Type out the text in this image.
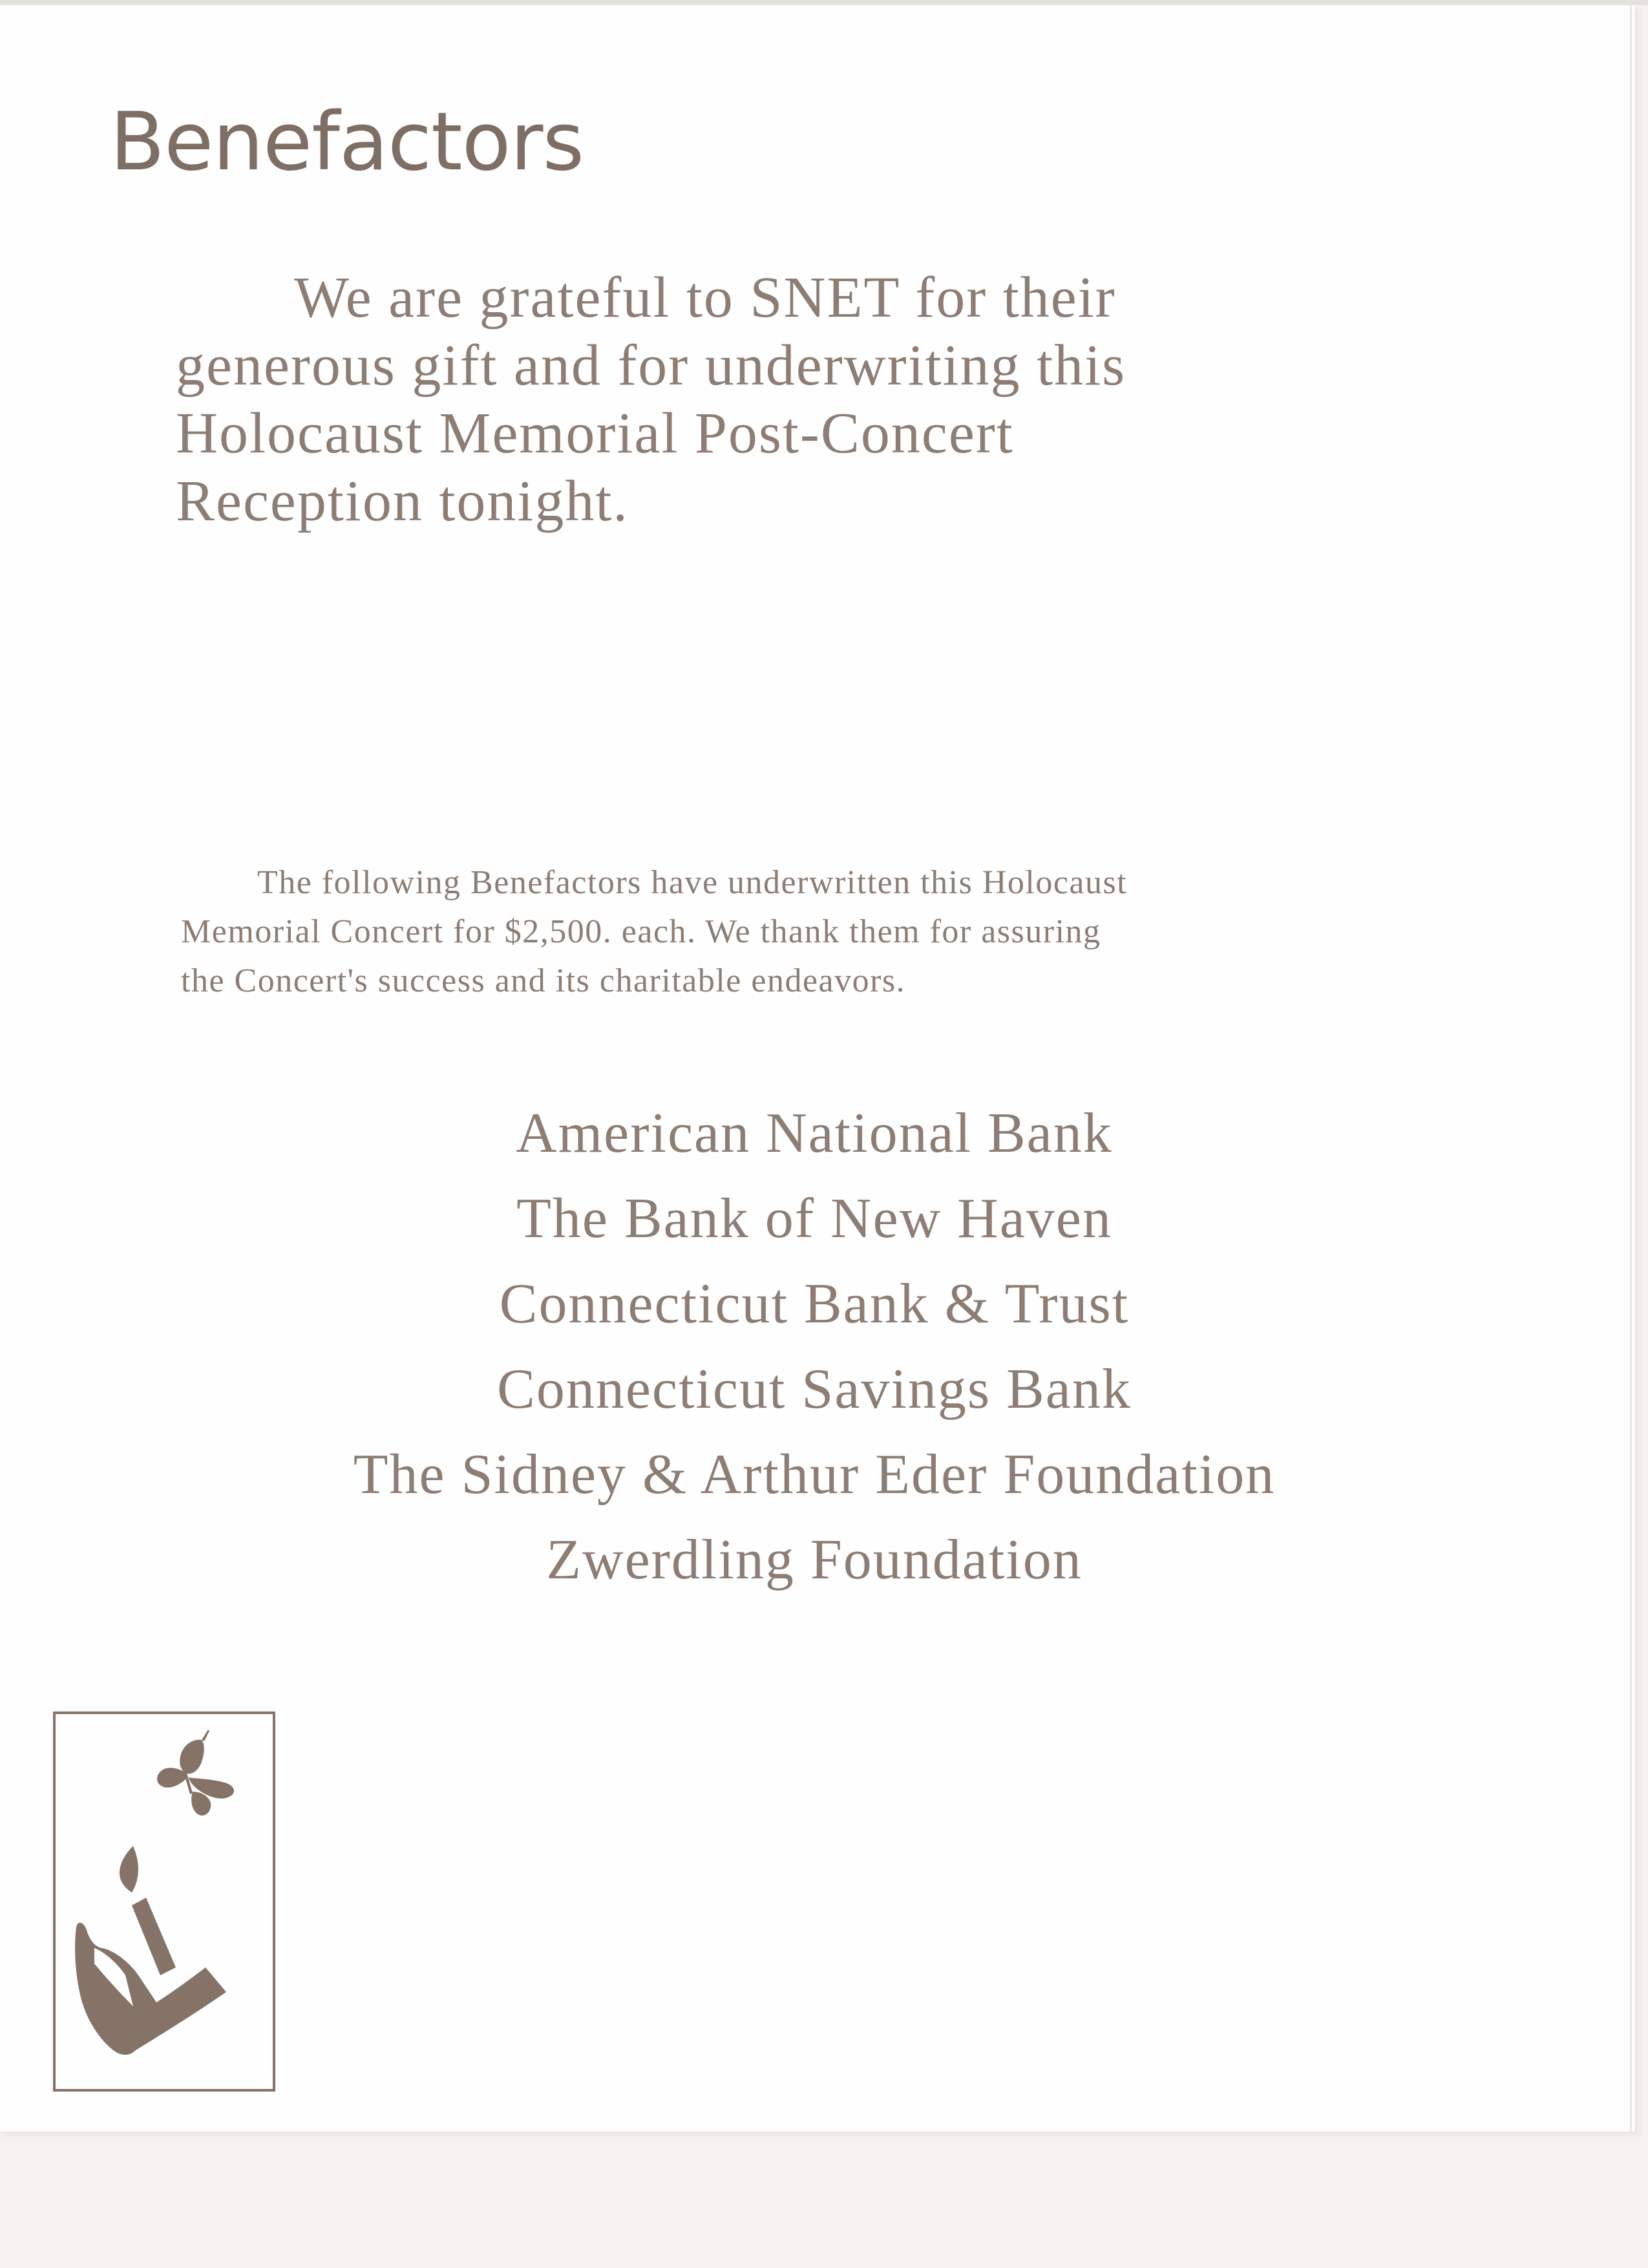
Benefactors

We are grateful to SNET for their
generous gift and for underwriting this
Holocaust Memorial Post-Concert
Reception tonight.

The following Benefactors have underwritten this Holocaust
Memorial Concert for $2,500. each. We thank them for assuring
the Concert's success and its charitable endeavors.

American National Bank
The Bank of New Haven
Connecticut Bank & Trust
Connecticut Savings Bank
The Sidney & Arthur Eder Foundation
Zwerdling Foundation
